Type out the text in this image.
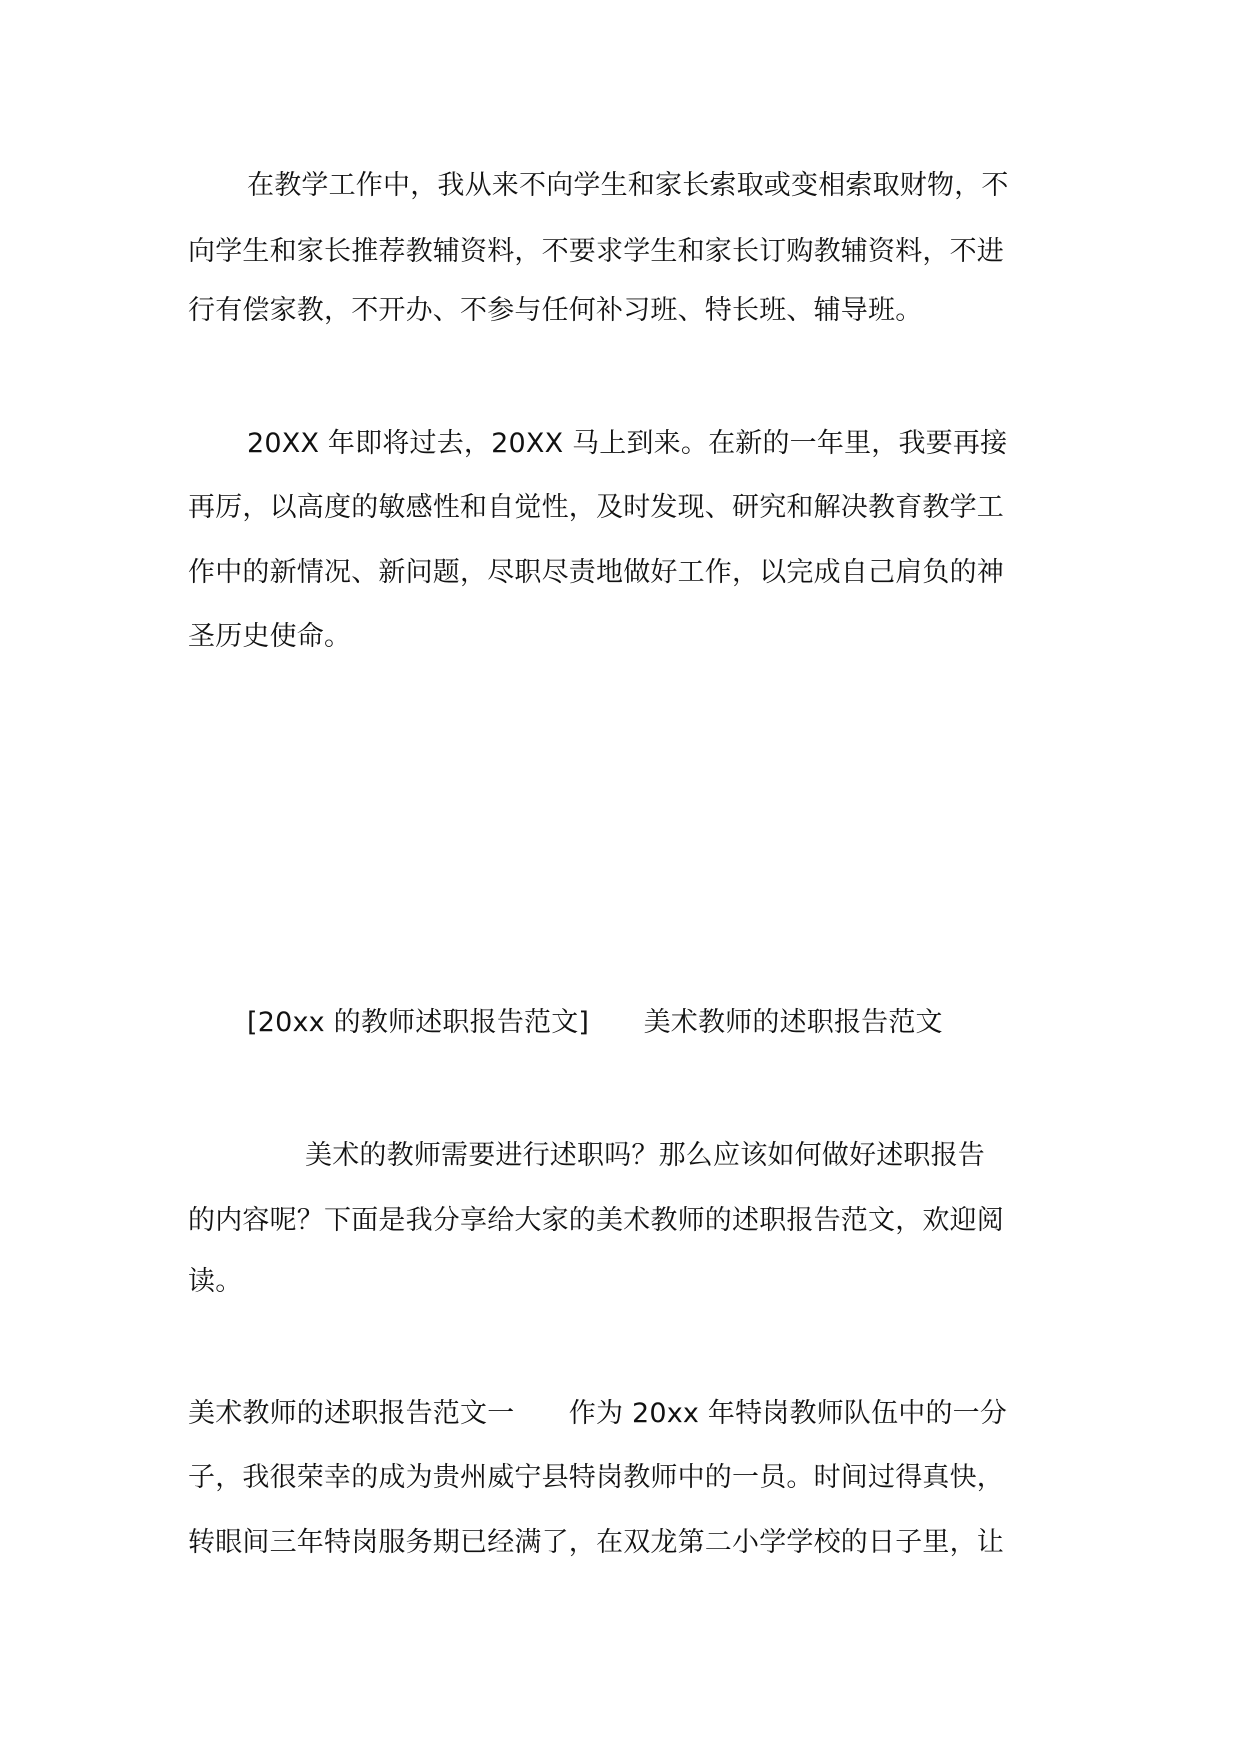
在教学工作中，我从来不向学生和家长索取或变相索取财物，不
向学生和家长推荐教辅资料，不要求学生和家长订购教辅资料，不进
行有偿家教，不开办、不参与任何补习班、特长班、辅导班。
20XX 年即将过去，20XX 马上到来。在新的一年里，我要再接
再厉，以高度的敏感性和自觉性，及时发现、研究和解决教育教学工
作中的新情况、新问题，尽职尽责地做好工作，以完成自己肩负的神
圣历史使命。
[20xx 的教师述职报告范文]　　美术教师的述职报告范文
美术的教师需要进行述职吗？那么应该如何做好述职报告
的内容呢？下面是我分享给大家的美术教师的述职报告范文，欢迎阅
读。
美术教师的述职报告范文一　　作为 20xx 年特岗教师队伍中的一分
子，我很荣幸的成为贵州威宁县特岗教师中的一员。时间过得真快，
转眼间三年特岗服务期已经满了，在双龙第二小学学校的日子里，让
